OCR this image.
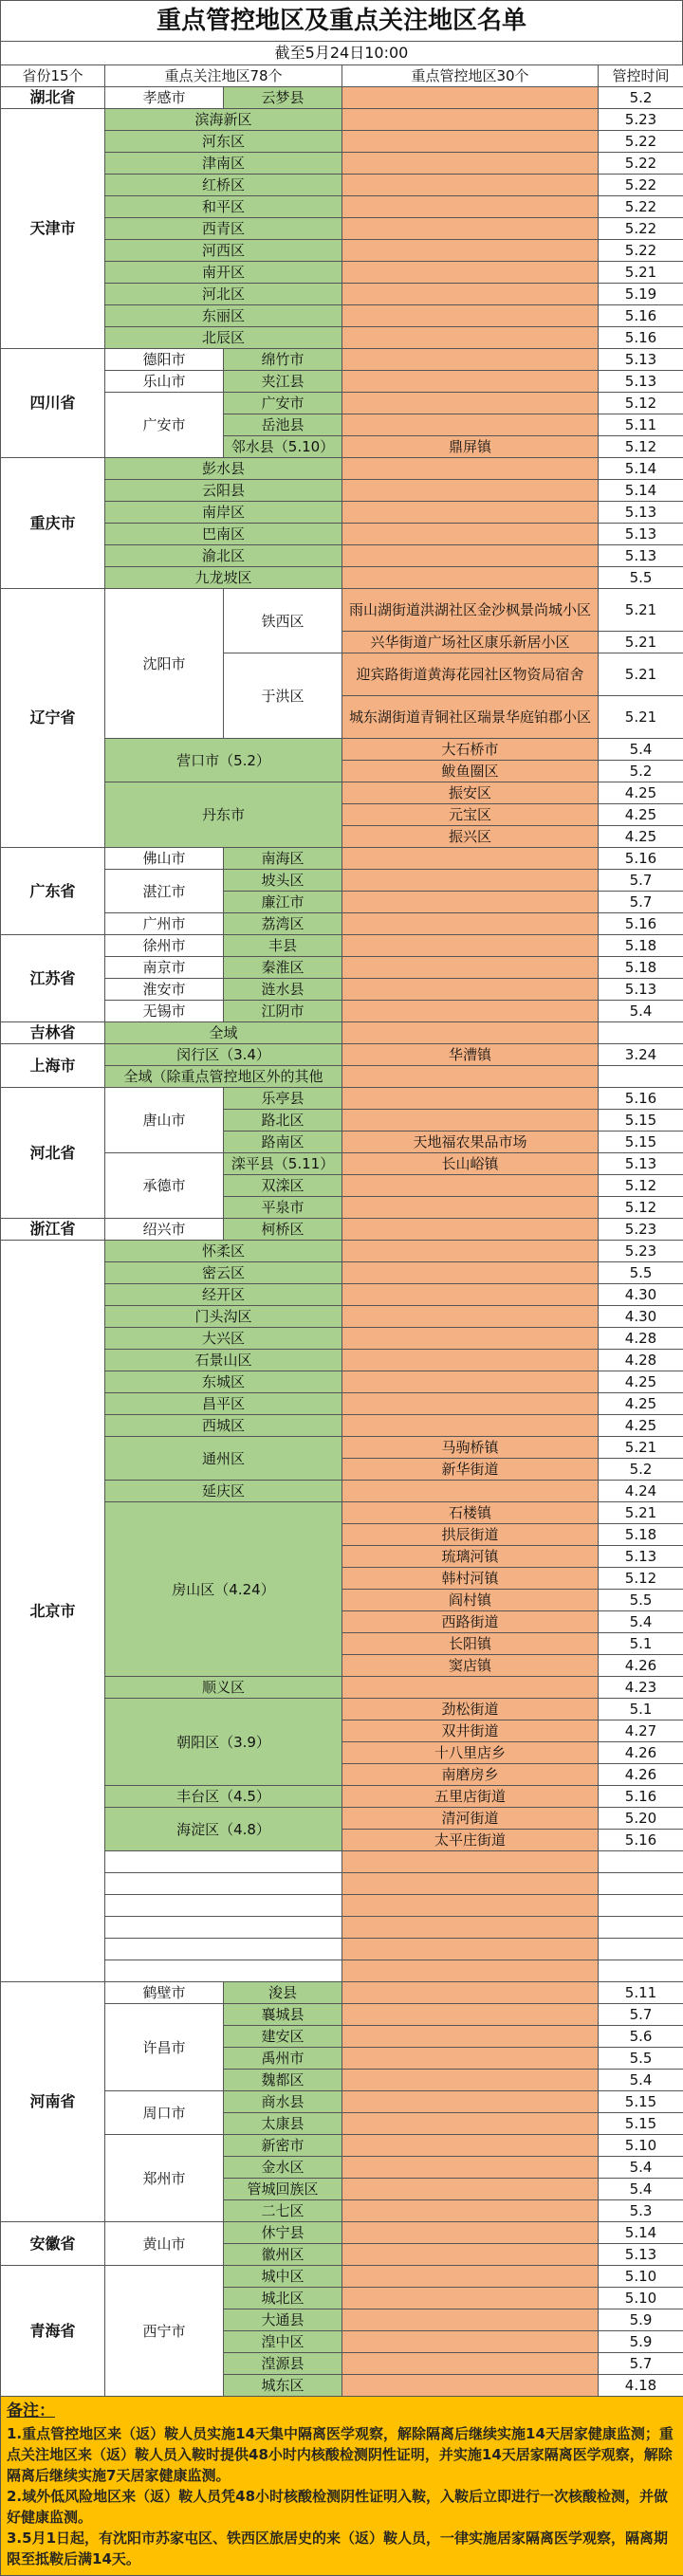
重点管控地区及重点关注地区名单
截至5月24日10:00
省份15个	重点关注地区78个		重点管控地区30个	管控时间
湖北省	孝感市	云梦县		5.2
天津市	滨海新区			5.23
	河东区			5.22
	津南区			5.22
	红桥区			5.22
	和平区			5.22
	西青区			5.22
	河西区			5.22
	南开区			5.21
	河北区			5.19
	东丽区			5.16
	北辰区			5.16
四川省	德阳市	绵竹市		5.13
	乐山市	夹江县		5.13
	广安市	广安市		5.12
		岳池县		5.11
		邻水县（5.10）	鼎屏镇	5.12
重庆市	彭水县			5.14
	云阳县			5.14
	南岸区			5.13
	巴南区			5.13
	渝北区			5.13
	九龙坡区			5.5
辽宁省	沈阳市	铁西区	雨山湖街道洪湖社区金沙枫景尚城小区	5.21
			兴华街道广场社区康乐新居小区	5.21
		于洪区	迎宾路街道黄海花园社区物资局宿舍	5.21
			城东湖街道青铜社区瑞景华庭铂郡小区	5.21
	营口市（5.2）		大石桥市	5.4
			鲅鱼圈区	5.2
	丹东市		振安区	4.25
			元宝区	4.25
			振兴区	4.25
广东省	佛山市	南海区		5.16
	湛江市	坡头区		5.7
		廉江市		5.7
	广州市	荔湾区		5.16
江苏省	徐州市	丰县		5.18
	南京市	秦淮区		5.18
	淮安市	涟水县		5.13
	无锡市	江阴市		5.4
吉林省	全域			
上海市	闵行区（3.4）		华漕镇	3.24
	全域（除重点管控地区外的其他			
河北省	唐山市	乐亭县		5.16
		路北区		5.15
		路南区	天地福农果品市场	5.15
	承德市	滦平县（5.11）	长山峪镇	5.13
		双滦区		5.12
		平泉市		5.12
浙江省	绍兴市	柯桥区		5.23
北京市	怀柔区			5.23
	密云区			5.5
	经开区			4.30
	门头沟区			4.30
	大兴区			4.28
	石景山区			4.28
	东城区			4.25
	昌平区			4.25
	西城区			4.25
	通州区		马驹桥镇	5.21
			新华街道	5.2
	延庆区			4.24
	房山区（4.24）		石楼镇	5.21
			拱辰街道	5.18
			琉璃河镇	5.13
			韩村河镇	5.12
			阎村镇	5.5
			西路街道	5.4
			长阳镇	5.1
			窦店镇	4.26
	顺义区			4.23
	朝阳区（3.9）		劲松街道	5.1
			双井街道	4.27
			十八里店乡	4.26
			南磨房乡	4.26
	丰台区（4.5）		五里店街道	5.16
	海淀区（4.8）		清河街道	5.20
			太平庄街道	5.16

河南省	鹤壁市	浚县		5.11
	许昌市	襄城县		5.7
		建安区		5.6
		禹州市		5.5
		魏都区		5.4
	周口市	商水县		5.15
		太康县		5.15
	郑州市	新密市		5.10
		金水区		5.4
		管城回族区		5.4
		二七区		5.3
安徽省	黄山市	休宁县		5.14
		徽州区		5.13
青海省	西宁市	城中区		5.10
		城北区		5.10
		大通县		5.9
		湟中区		5.9
		湟源县		5.7
		城东区		4.18
备注：
1.重点管控地区来（返）鞍人员实施14天集中隔离医学观察，解除隔离后继续实施14天居家健康监测；重点关注地区来（返）鞍人员入鞍时提供48小时内核酸检测阴性证明，并实施14天居家隔离医学观察，解除隔离后继续实施7天居家健康监测。
2.域外低风险地区来（返）鞍人员凭48小时核酸检测阴性证明入鞍，入鞍后立即进行一次核酸检测，并做好健康监测。
3.5月1日起，有沈阳市苏家屯区、铁西区旅居史的来（返）鞍人员，一律实施居家隔离医学观察，隔离期限至抵鞍后满14天。
